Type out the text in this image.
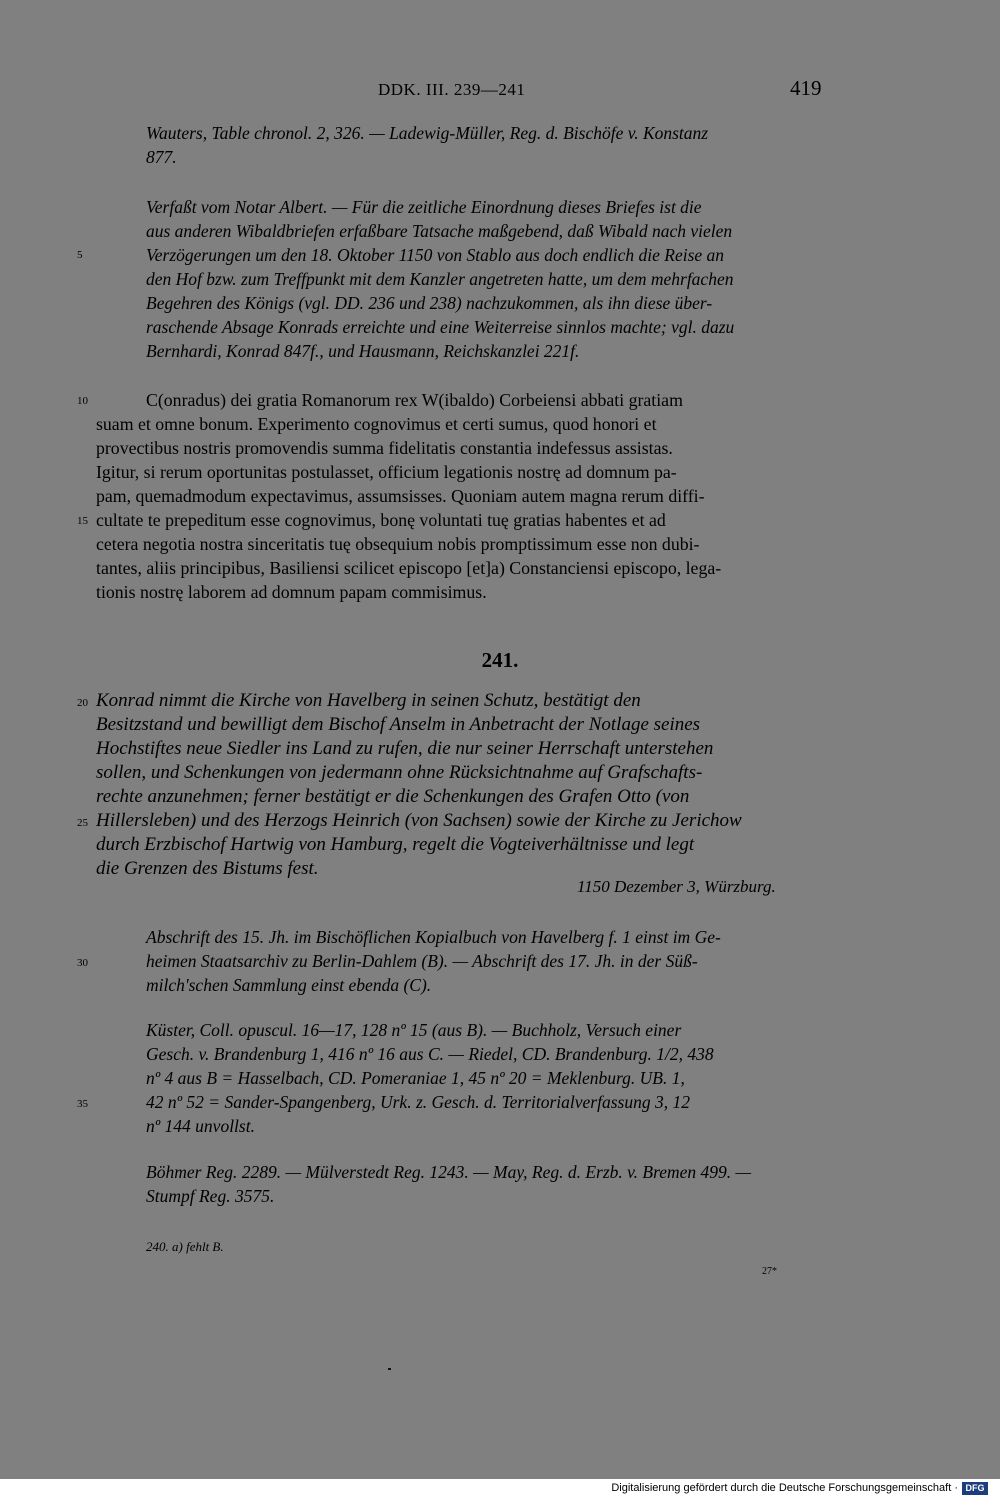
DDK. III. 239—241	419
Wauters, Table chronol. 2, 326. — Ladewig-Müller, Reg. d. Bischöfe v. Konstanz
877.
Verfaßt vom Notar Albert. — Für die zeitliche Einordnung dieses Briefes ist die
aus anderen Wibaldbriefen erfaßbare Tatsache maßgebend, daß Wibald nach vielen
Verzögerungen um den 18. Oktober 1150 von Stablo aus doch endlich die Reise an
den Hof bzw. zum Treffpunkt mit dem Kanzler angetreten hatte, um dem mehrfachen
Begehren des Königs (vgl. DD. 236 und 238) nachzukommen, als ihn diese über-
raschende Absage Konrads erreichte und eine Weiterreise sinnlos machte; vgl. dazu
Bernhardi, Konrad 847f., und Hausmann, Reichskanzlei 221f.
C(onradus) dei gratia Romanorum rex W(ibaldo) Corbeiensi abbati gratiam
suam et omne bonum. Experimento cognovimus et certi sumus, quod honori et
provectibus nostris promovendis summa fidelitatis constantia indefessus assistas.
Igitur, si rerum oportunitas postulasset, officium legationis nostrę ad domnum pa-
pam, quemadmodum expectavimus, assumsisses. Quoniam autem magna rerum diffi-
cultate te prepeditum esse cognovimus, bonę voluntati tuę gratias habentes et ad
cetera negotia nostra sinceritatis tuę obsequium nobis promptissimum esse non dubi-
tantes, aliis principibus, Basiliensi scilicet episcopo [et]a) Constanciensi episcopo, lega-
tionis nostrę laborem ad domnum papam commisimus.
241.
Konrad nimmt die Kirche von Havelberg in seinen Schutz, bestätigt den
Besitzstand und bewilligt dem Bischof Anselm in Anbetracht der Notlage seines
Hochstiftes neue Siedler ins Land zu rufen, die nur seiner Herrschaft unterstehen
sollen, und Schenkungen von jedermann ohne Rücksichtnahme auf Grafschafts-
rechte anzunehmen; ferner bestätigt er die Schenkungen des Grafen Otto (von
Hillersleben) und des Herzogs Heinrich (von Sachsen) sowie der Kirche zu Jerichow
durch Erzbischof Hartwig von Hamburg, regelt die Vogteiverhältnisse und legt
die Grenzen des Bistums fest.
1150 Dezember 3, Würzburg.
Abschrift des 15. Jh. im Bischöflichen Kopialbuch von Havelberg f. 1 einst im Ge-
heimen Staatsarchiv zu Berlin-Dahlem (B). — Abschrift des 17. Jh. in der Süß-
milch'schen Sammlung einst ebenda (C).
Küster, Coll. opuscul. 16—17, 128 nº 15 (aus B). — Buchholz, Versuch einer
Gesch. v. Brandenburg 1, 416 nº 16 aus C. — Riedel, CD. Brandenburg. 1/2, 438
nº 4 aus B = Hasselbach, CD. Pomeraniae 1, 45 nº 20 = Meklenburg. UB. 1,
42 nº 52 = Sander-Spangenberg, Urk. z. Gesch. d. Territorialverfassung 3, 12
nº 144 unvollst.
Böhmer Reg. 2289. — Mülverstedt Reg. 1243. — May, Reg. d. Erzb. v. Bremen 499. —
Stumpf Reg. 3575.
5
10
15
20
25
30
35
240. a) fehlt B.
27*
Digitalisierung gefördert durch die Deutsche Forschungsgemeinschaft · DFG
